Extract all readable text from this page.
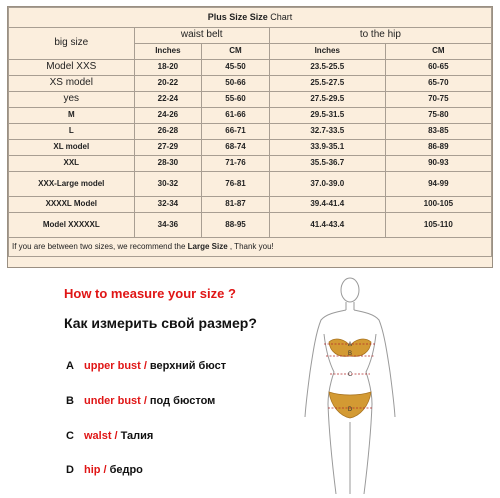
Plus Size Size Chart				
big size	waist belt		to the hip	
	Inches	CM	Inches	CM
Model XXS	18-20	45-50	23.5-25.5	60-65
XS model	20-22	50-66	25.5-27.5	65-70
yes	22-24	55-60	27.5-29.5	70-75
M	24-26	61-66	29.5-31.5	75-80
L	26-28	66-71	32.7-33.5	83-85
XL model	27-29	68-74	33.9-35.1	86-89
XXL	28-30	71-76	35.5-36.7	90-93
XXX-Large model	30-32	76-81	37.0-39.0	94-99
XXXXL Model	32-34	81-87	39.4-41.4	100-105
Model XXXXXL	34-36	88-95	41.4-43.4	105-110
If you are between two sizes, we recommend the Large Size , Thank you!				
How to measure your size ?
Как измерить свой размер?
A upper bust / верхний бюст
B under bust / под бюстом
C walst / Талия
D hip / бедро
A
B
C
D
